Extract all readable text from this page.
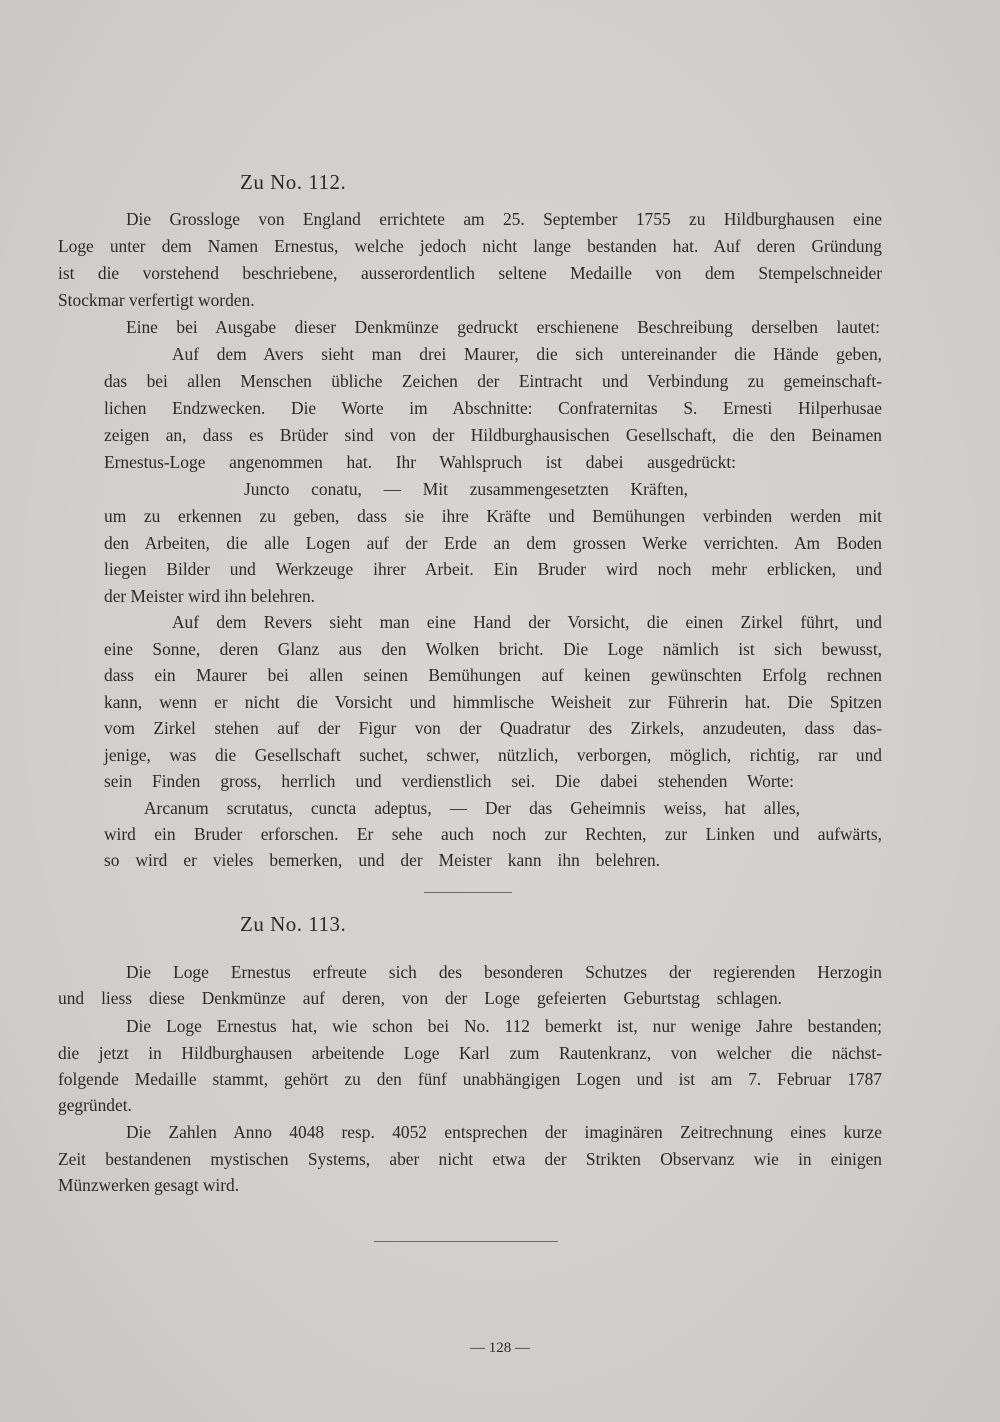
Zu No. 112.
Die Grossloge von England errichtete am 25. September 1755 zu Hildburghausen eine
Loge unter dem Namen Ernestus, welche jedoch nicht lange bestanden hat. Auf deren Gründung
ist die vorstehend beschriebene, ausserordentlich seltene Medaille von dem Stempelschneider
Stockmar verfertigt worden.
Eine bei Ausgabe dieser Denkmünze gedruckt erschienene Beschreibung derselben lautet:
Auf dem Avers sieht man drei Maurer, die sich untereinander die Hände geben,
das bei allen Menschen übliche Zeichen der Eintracht und Verbindung zu gemeinschaft-
lichen Endzwecken. Die Worte im Abschnitte: Confraternitas S. Ernesti Hilperhusae
zeigen an, dass es Brüder sind von der Hildburghausischen Gesellschaft, die den Beinamen
Ernestus-Loge angenommen hat. Ihr Wahlspruch ist dabei ausgedrückt:
Juncto conatu, — Mit zusammengesetzten Kräften,
um zu erkennen zu geben, dass sie ihre Kräfte und Bemühungen verbinden werden mit
den Arbeiten, die alle Logen auf der Erde an dem grossen Werke verrichten. Am Boden
liegen Bilder und Werkzeuge ihrer Arbeit. Ein Bruder wird noch mehr erblicken, und
der Meister wird ihn belehren.
Auf dem Revers sieht man eine Hand der Vorsicht, die einen Zirkel führt, und
eine Sonne, deren Glanz aus den Wolken bricht. Die Loge nämlich ist sich bewusst,
dass ein Maurer bei allen seinen Bemühungen auf keinen gewünschten Erfolg rechnen
kann, wenn er nicht die Vorsicht und himmlische Weisheit zur Führerin hat. Die Spitzen
vom Zirkel stehen auf der Figur von der Quadratur des Zirkels, anzudeuten, dass das-
jenige, was die Gesellschaft suchet, schwer, nützlich, verborgen, möglich, richtig, rar und
sein Finden gross, herrlich und verdienstlich sei. Die dabei stehenden Worte:
Arcanum scrutatus, cuncta adeptus, — Der das Geheimnis weiss, hat alles,
wird ein Bruder erforschen. Er sehe auch noch zur Rechten, zur Linken und aufwärts,
so wird er vieles bemerken, und der Meister kann ihn belehren.
Zu No. 113.
Die Loge Ernestus erfreute sich des besonderen Schutzes der regierenden Herzogin
und liess diese Denkmünze auf deren, von der Loge gefeierten Geburtstag schlagen.
Die Loge Ernestus hat, wie schon bei No. 112 bemerkt ist, nur wenige Jahre bestanden;
die jetzt in Hildburghausen arbeitende Loge Karl zum Rautenkranz, von welcher die nächst-
folgende Medaille stammt, gehört zu den fünf unabhängigen Logen und ist am 7. Februar 1787
gegründet.
Die Zahlen Anno 4048 resp. 4052 entsprechen der imaginären Zeitrechnung eines kurze
Zeit bestandenen mystischen Systems, aber nicht etwa der Strikten Observanz wie in einigen
Münzwerken gesagt wird.
— 128 —
